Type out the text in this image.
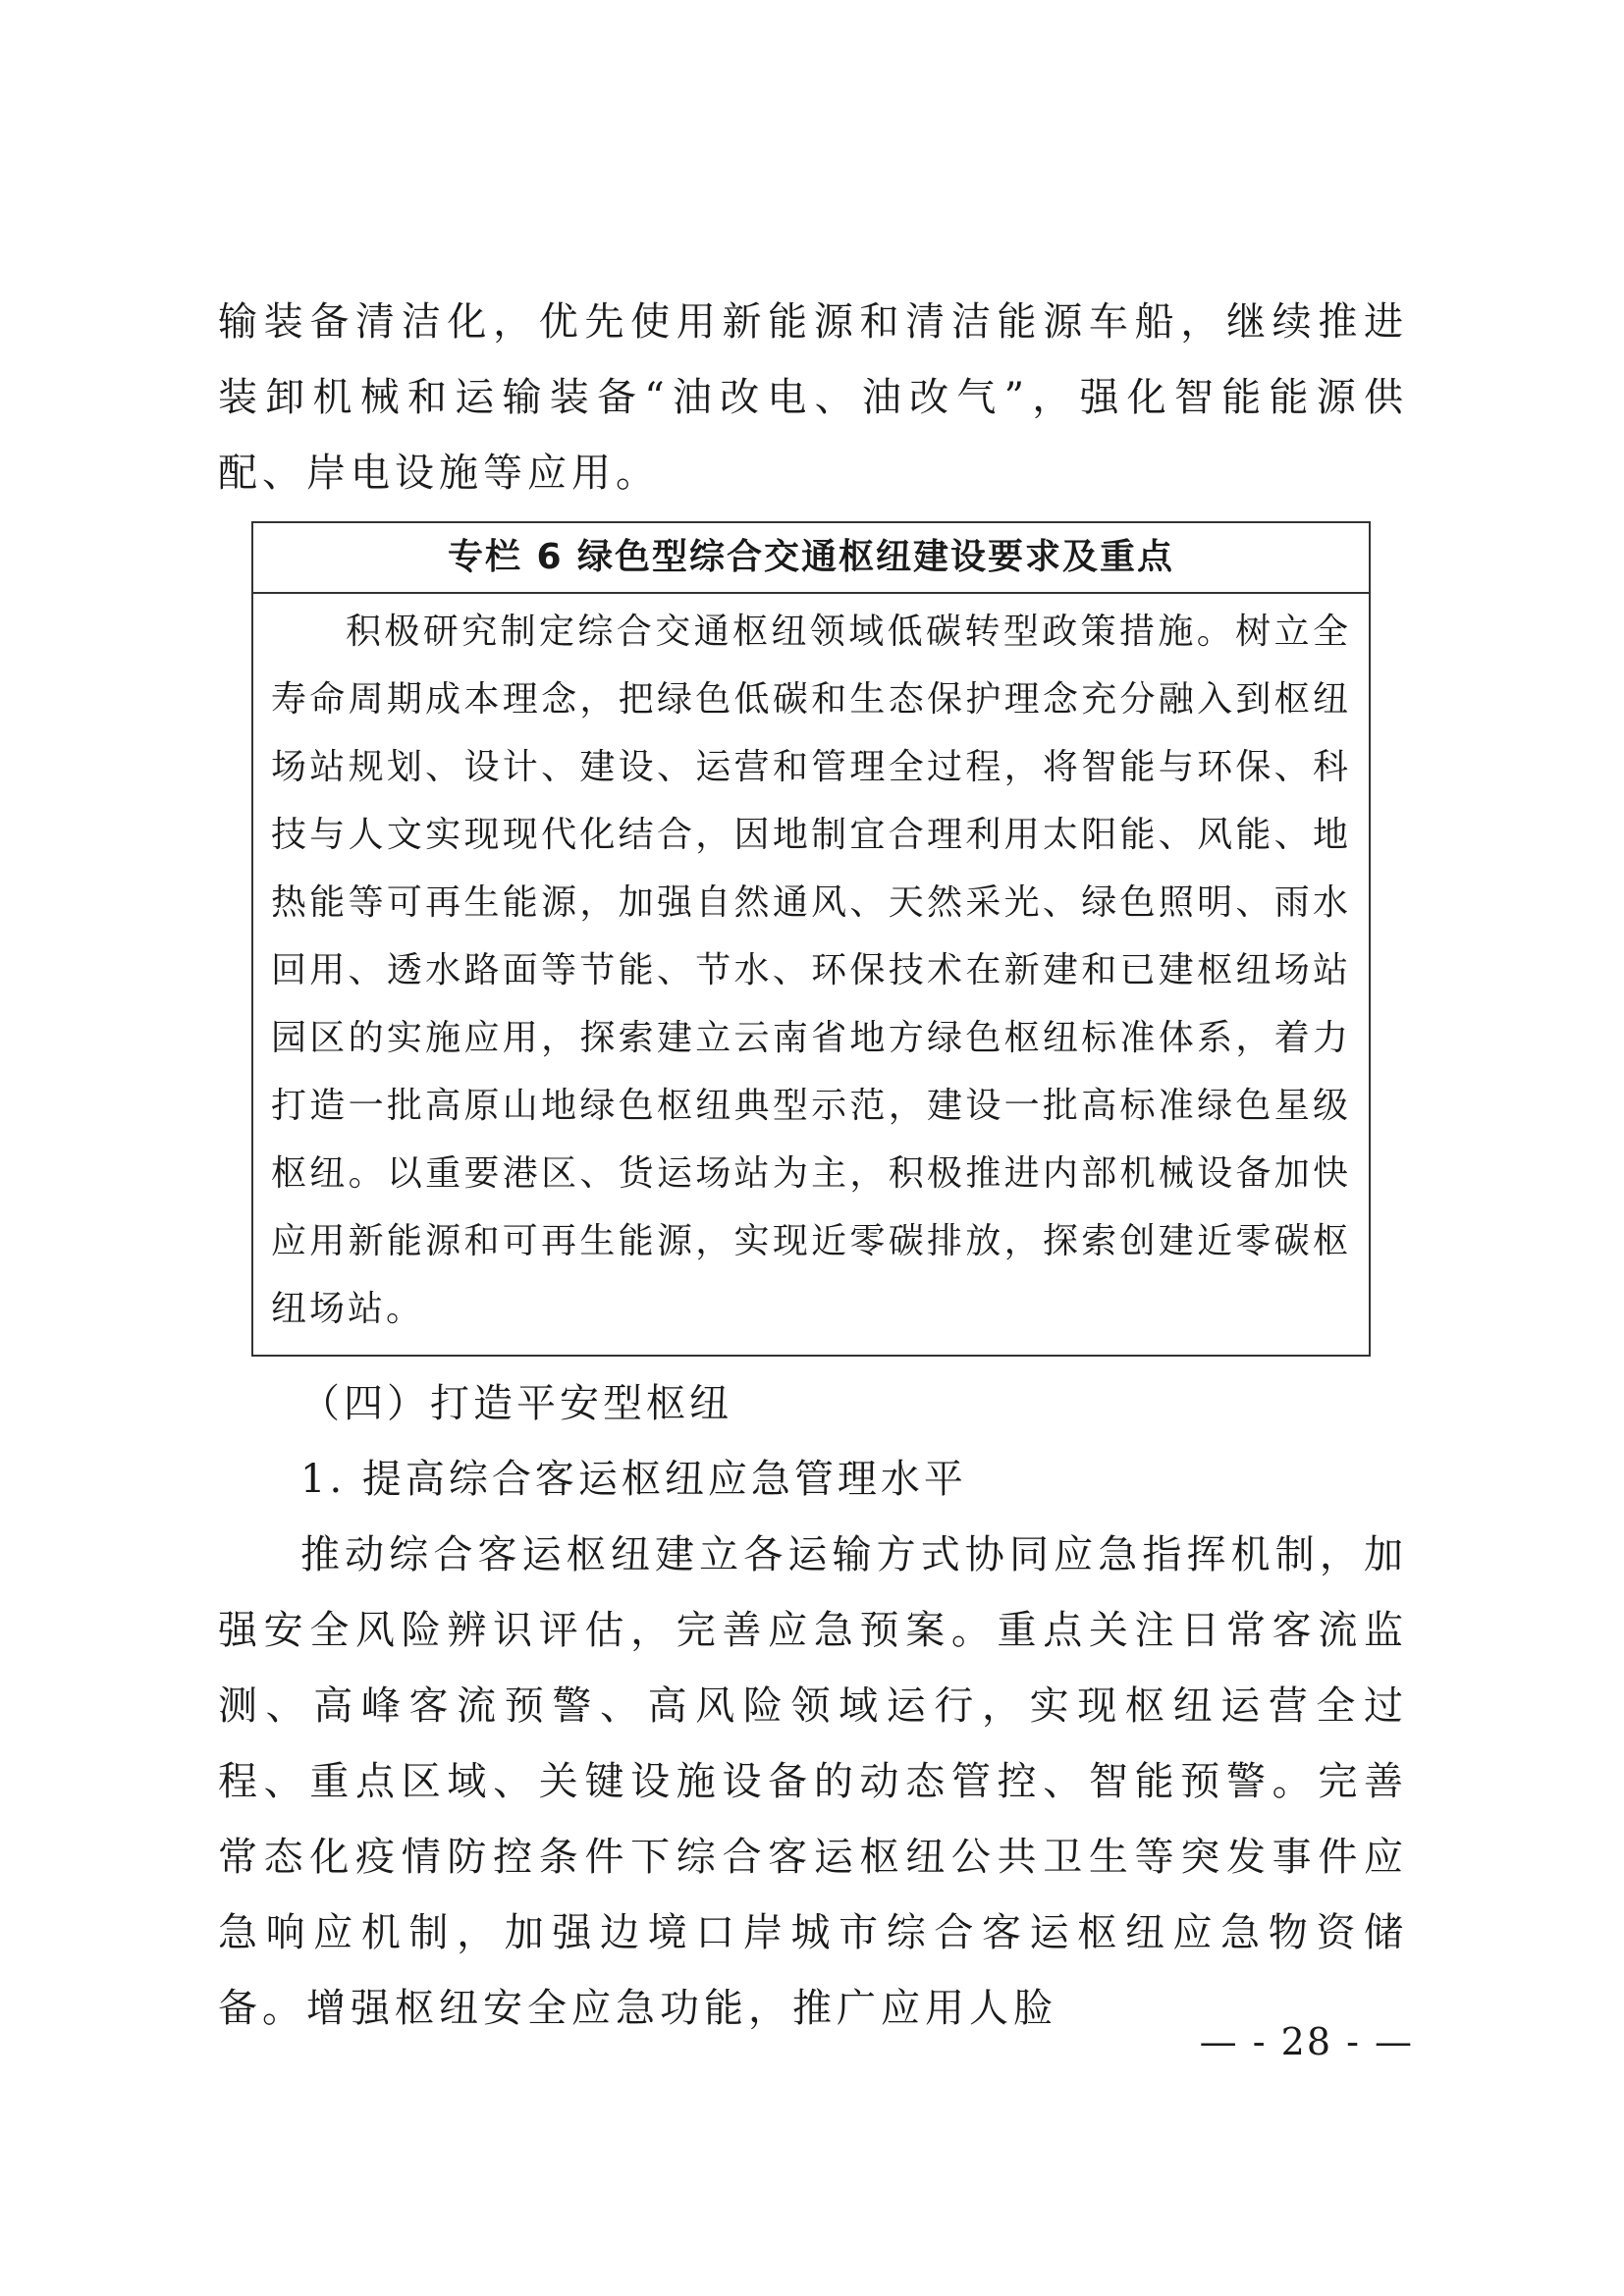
输装备清洁化，优先使用新能源和清洁能源车船，继续推进装卸机械和运输装备“油改电、油改气”，强化智能能源供配、岸电设施等应用。

专栏 6 绿色型综合交通枢纽建设要求及重点

积极研究制定综合交通枢纽领域低碳转型政策措施。树立全寿命周期成本理念，把绿色低碳和生态保护理念充分融入到枢纽场站规划、设计、建设、运营和管理全过程，将智能与环保、科技与人文实现现代化结合，因地制宜合理利用太阳能、风能、地热能等可再生能源，加强自然通风、天然采光、绿色照明、雨水回用、透水路面等节能、节水、环保技术在新建和已建枢纽场站园区的实施应用，探索建立云南省地方绿色枢纽标准体系，着力打造一批高原山地绿色枢纽典型示范，建设一批高标准绿色星级枢纽。以重要港区、货运场站为主，积极推进内部机械设备加快应用新能源和可再生能源，实现近零碳排放，探索创建近零碳枢纽场站。

（四）打造平安型枢纽

1. 提高综合客运枢纽应急管理水平

推动综合客运枢纽建立各运输方式协同应急指挥机制，加强安全风险辨识评估，完善应急预案。重点关注日常客流监测、高峰客流预警、高风险领域运行，实现枢纽运营全过程、重点区域、关键设施设备的动态管控、智能预警。完善常态化疫情防控条件下综合客运枢纽公共卫生等突发事件应急响应机制，加强边境口岸城市综合客运枢纽应急物资储备。增强枢纽安全应急功能，推广应用人脸

— - 28 - —
